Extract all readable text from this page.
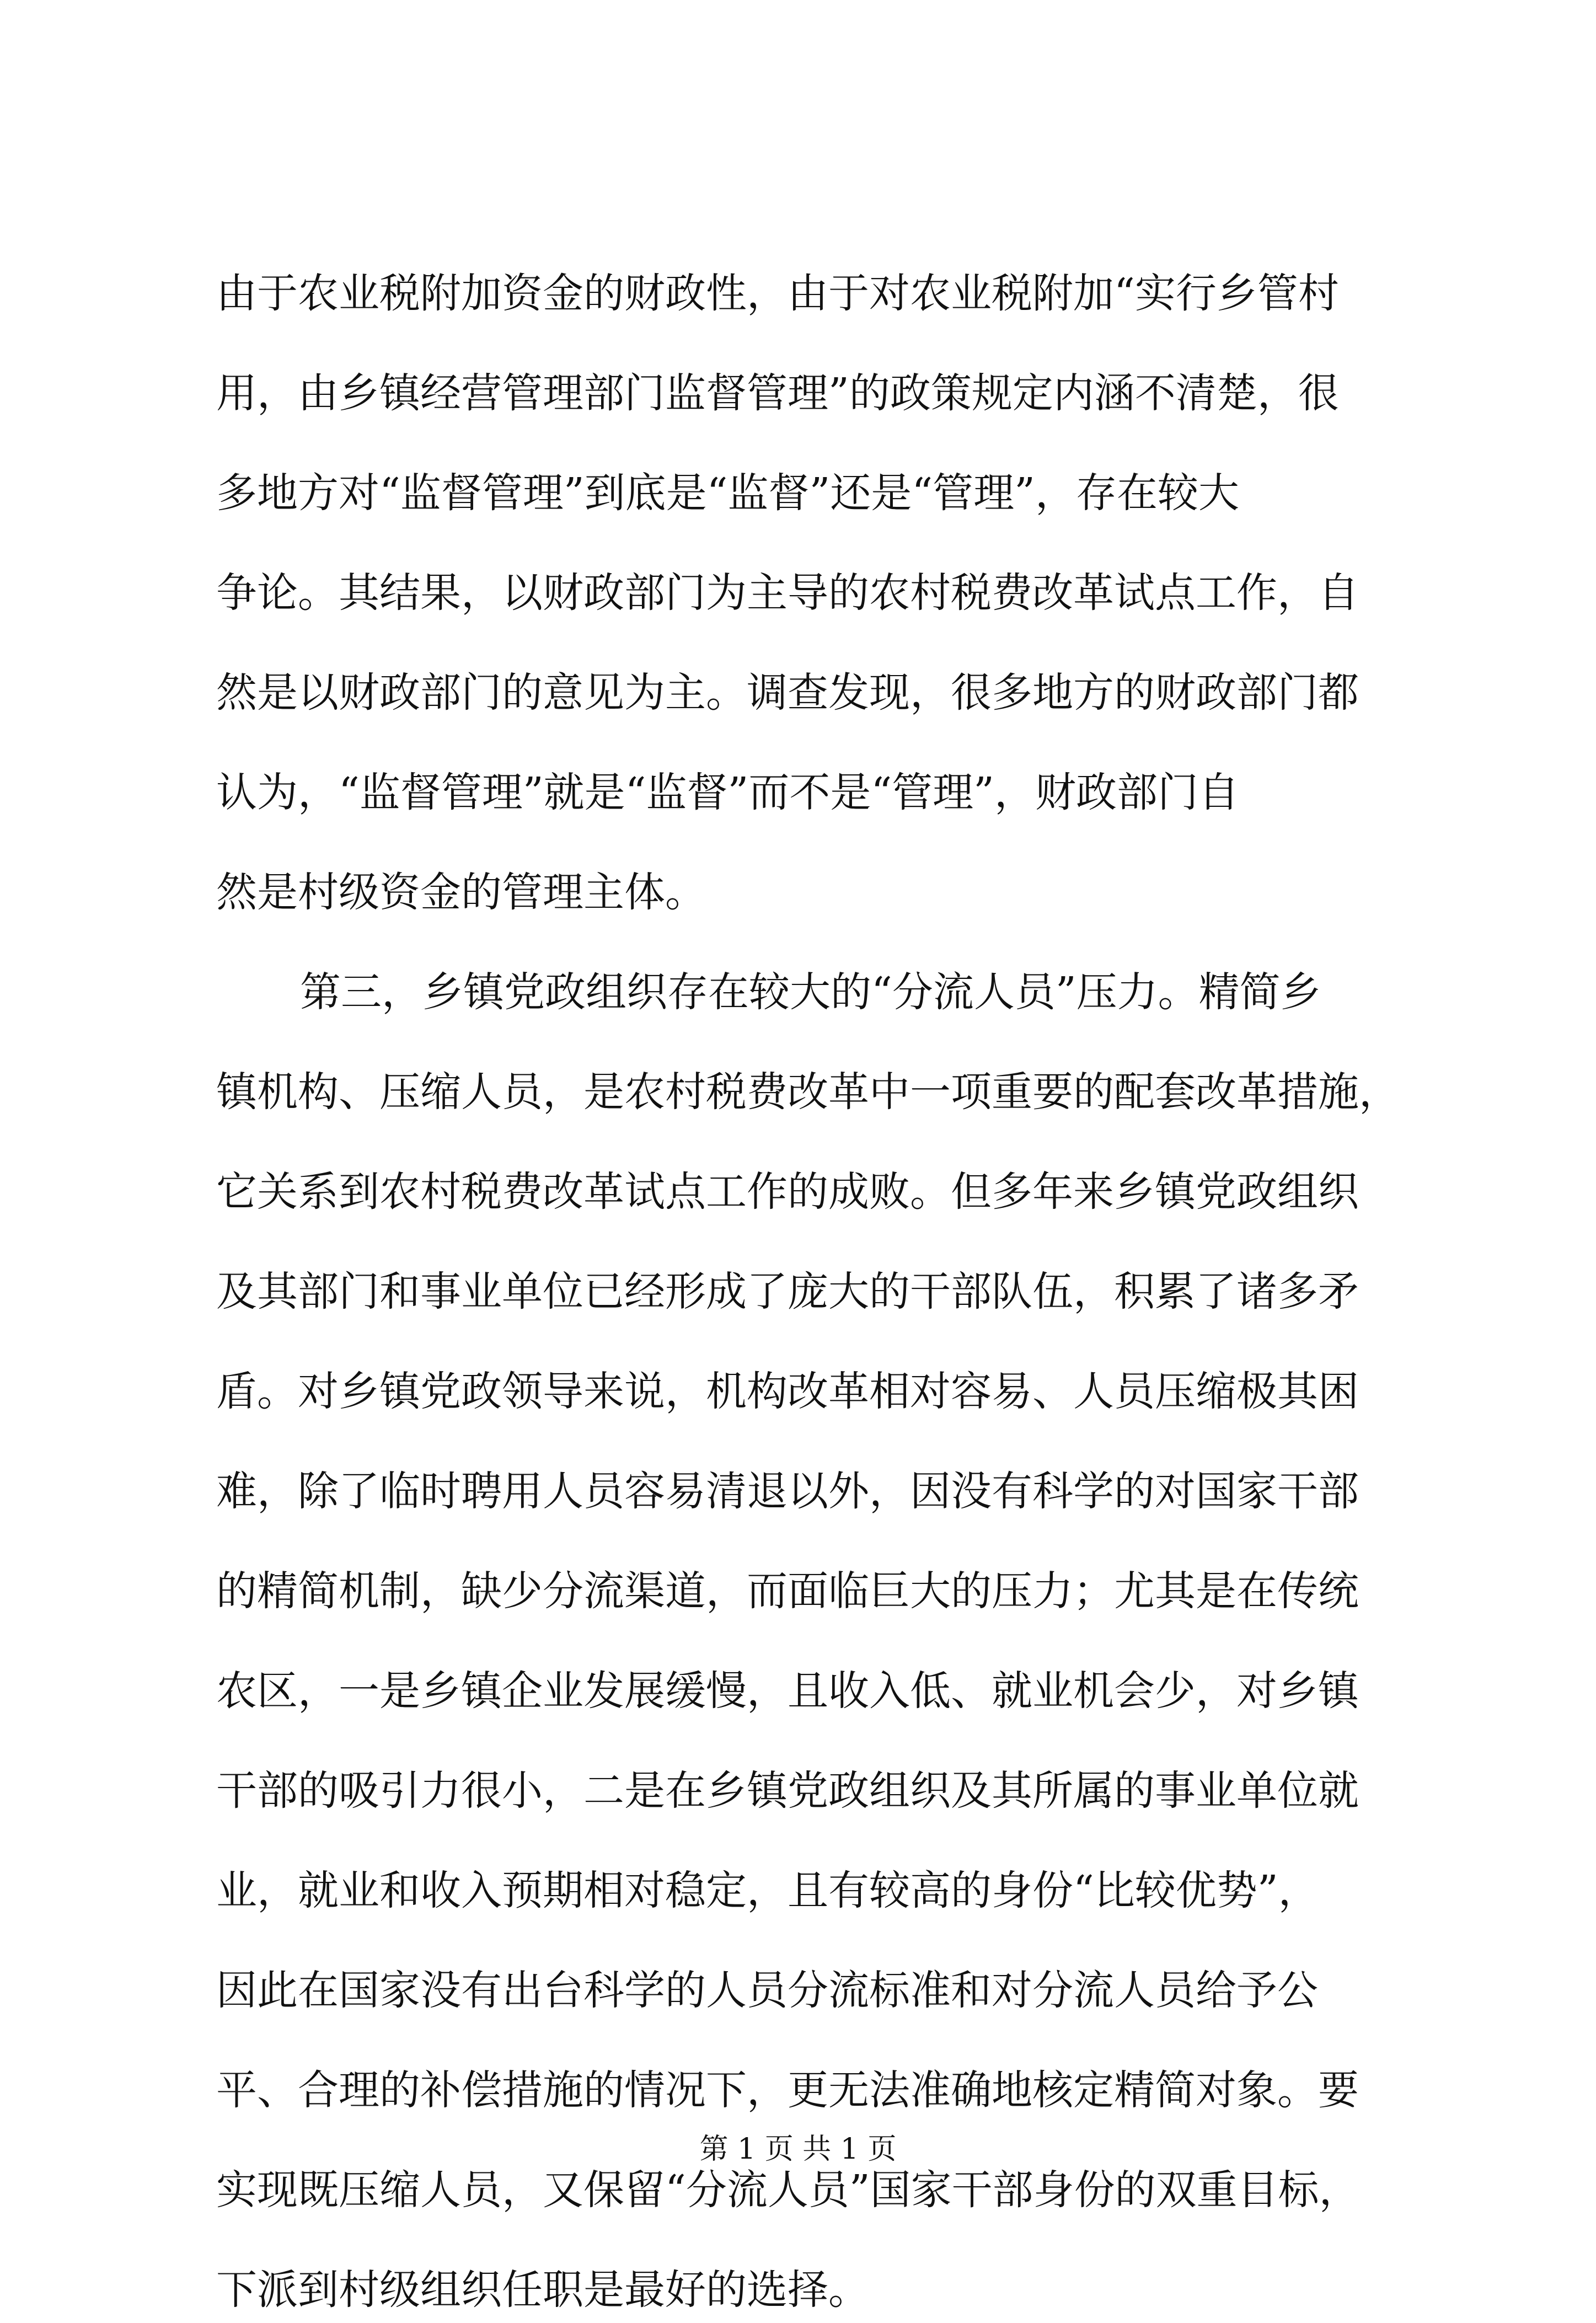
由于农业税附加资金的财政性，由于对农业税附加“实行乡管村
用，由乡镇经营管理部门监督管理”的政策规定内涵不清楚，很
多地方对“监督管理”到底是“监督”还是“管理”，存在较大
争论。其结果，以财政部门为主导的农村税费改革试点工作，自
然是以财政部门的意见为主。调查发现，很多地方的财政部门都
认为，“监督管理”就是“监督”而不是“管理”，财政部门自
然是村级资金的管理主体。
第三，乡镇党政组织存在较大的“分流人员”压力。精简乡
镇机构、压缩人员，是农村税费改革中一项重要的配套改革措施，
它关系到农村税费改革试点工作的成败。但多年来乡镇党政组织
及其部门和事业单位已经形成了庞大的干部队伍，积累了诸多矛
盾。对乡镇党政领导来说，机构改革相对容易、人员压缩极其困
难，除了临时聘用人员容易清退以外，因没有科学的对国家干部
的精简机制，缺少分流渠道，而面临巨大的压力；尤其是在传统
农区，一是乡镇企业发展缓慢，且收入低、就业机会少，对乡镇
干部的吸引力很小，二是在乡镇党政组织及其所属的事业单位就
业，就业和收入预期相对稳定，且有较高的身份“比较优势”，
因此在国家没有出台科学的人员分流标准和对分流人员给予公
平、合理的补偿措施的情况下，更无法准确地核定精简对象。要
实现既压缩人员，又保留“分流人员”国家干部身份的双重目标，
下派到村级组织任职是最好的选择。
第 1 页 共 1 页
